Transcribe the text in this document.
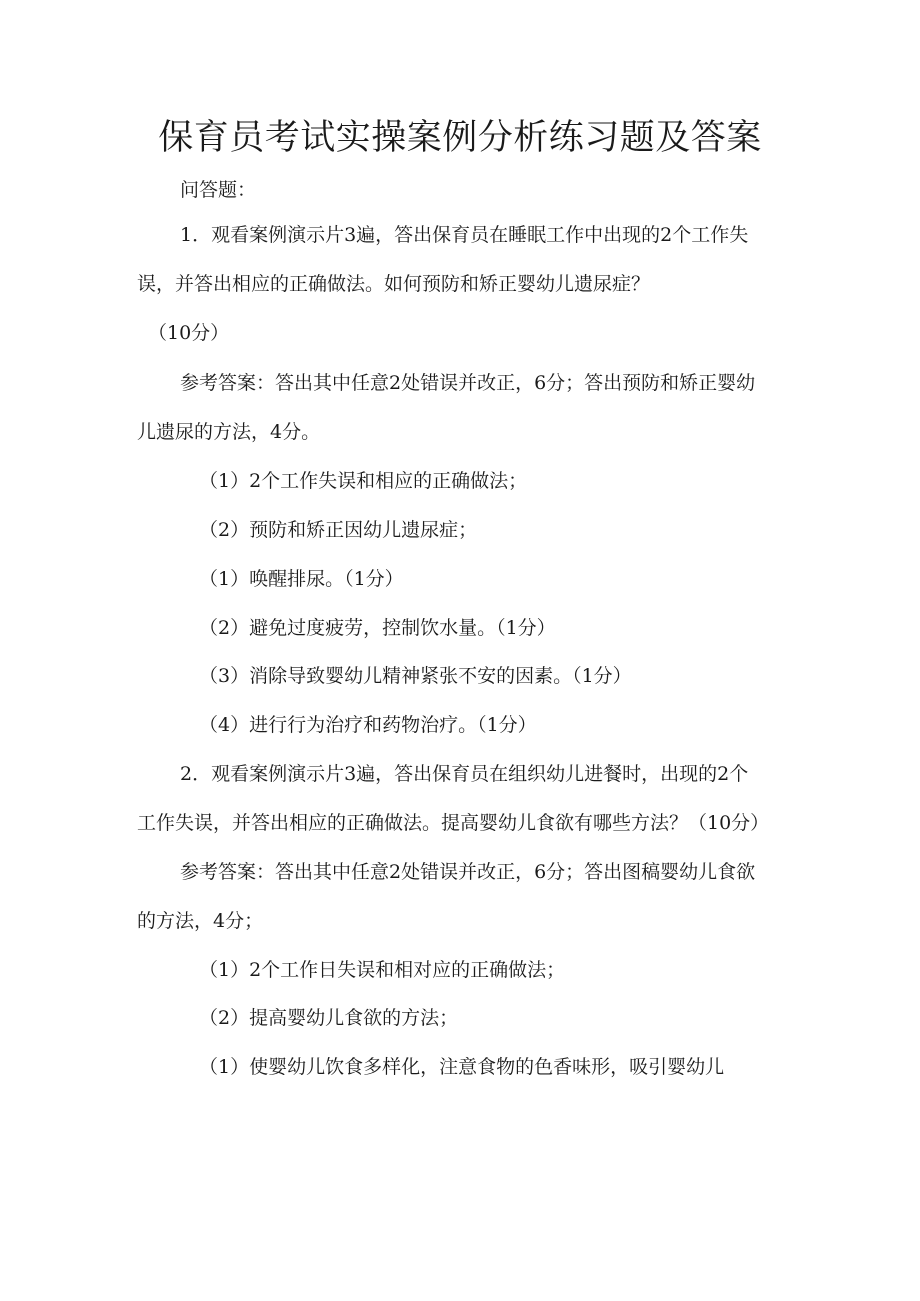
保育员考试实操案例分析练习题及答案

问答题：

1．观看案例演示片3遍，答出保育员在睡眠工作中出现的2个工作失

误，并答出相应的正确做法。如何预防和矫正婴幼儿遗尿症？

（10分）

参考答案：答出其中任意2处错误并改正，6分；答出预防和矫正婴幼

儿遗尿的方法，4分。

（1）2个工作失误和相应的正确做法；

（2）预防和矫正因幼儿遗尿症；

（1）唤醒排尿。（1分）

（2）避免过度疲劳，控制饮水量。（1分）

（3）消除导致婴幼儿精神紧张不安的因素。（1分）

（4）进行行为治疗和药物治疗。（1分）

2．观看案例演示片3遍，答出保育员在组织幼儿进餐时，出现的2个

工作失误，并答出相应的正确做法。提高婴幼儿食欲有哪些方法？（10分）

参考答案：答出其中任意2处错误并改正，6分；答出图稿婴幼儿食欲

的方法，4分；

（1）2个工作日失误和相对应的正确做法；

（2）提高婴幼儿食欲的方法；

（1）使婴幼儿饮食多样化，注意食物的色香味形，吸引婴幼儿
